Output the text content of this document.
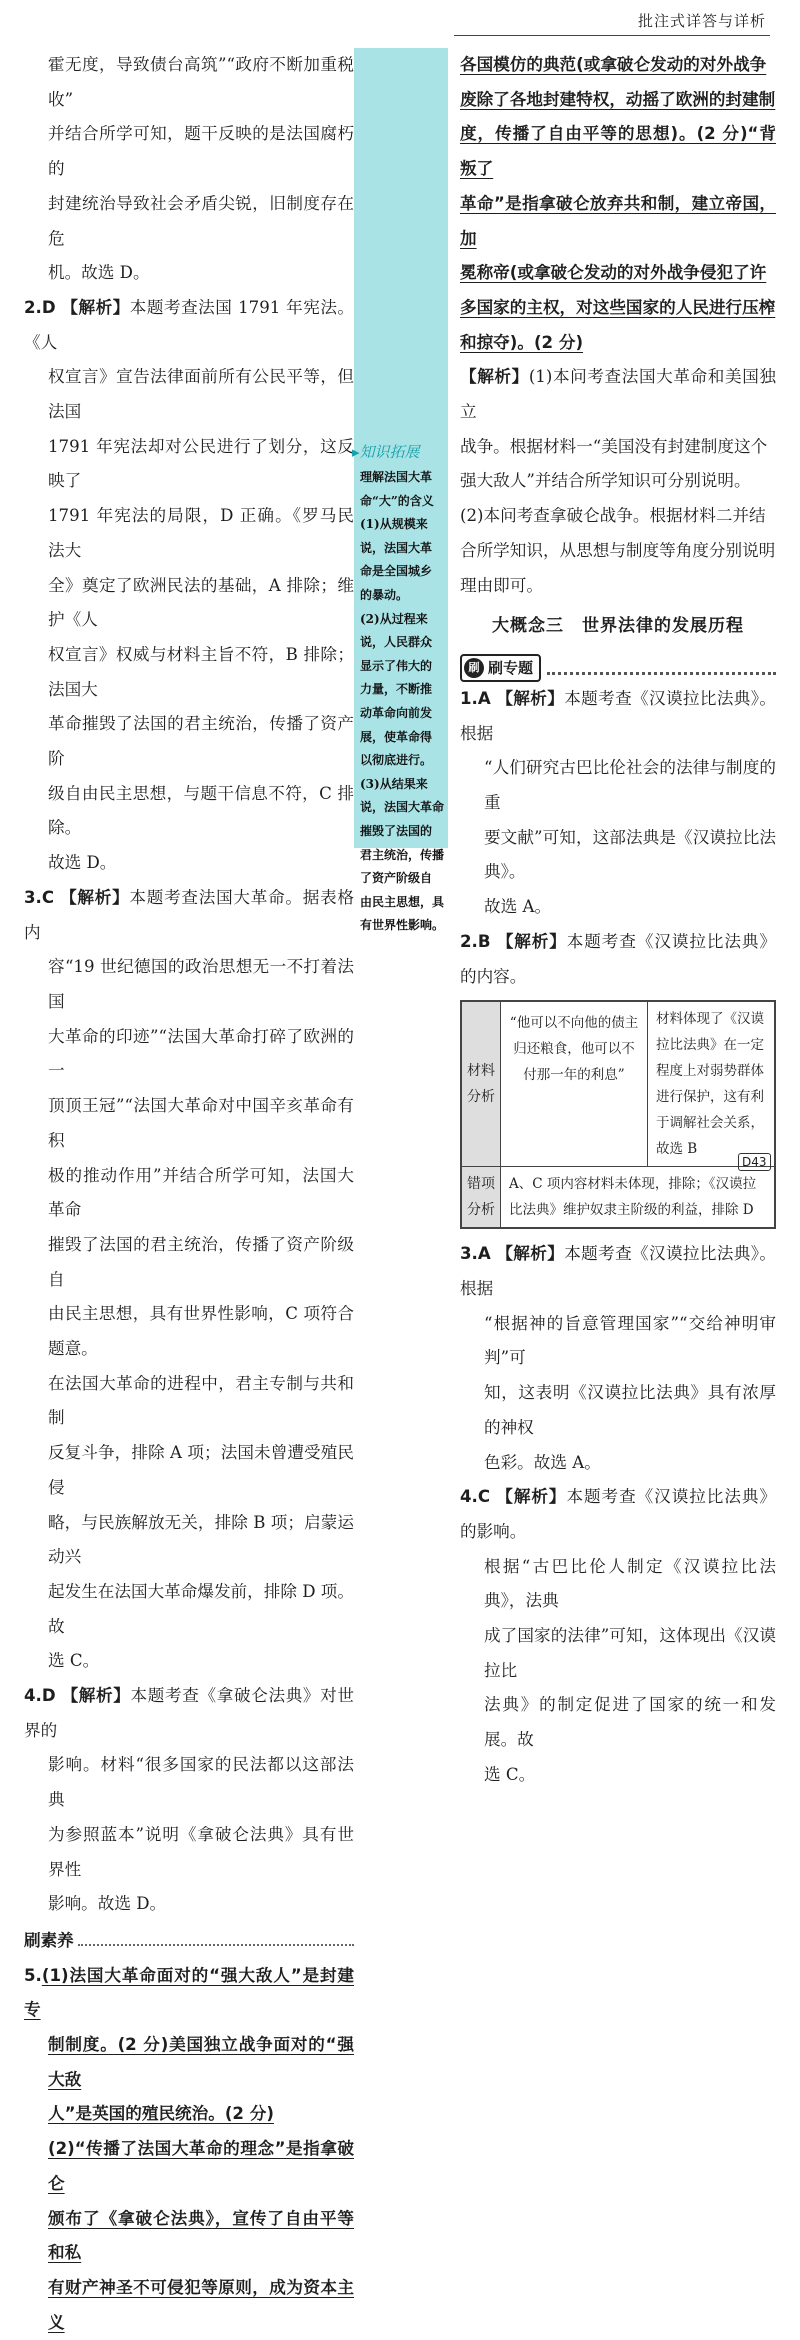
批注式详答与详析

霍无度，导致债台高筑”“政府不断加重税收”

并结合所学可知，题干反映的是法国腐朽的

封建统治导致社会矛盾尖锐，旧制度存在危

机。故选 D。

2.D 【解析】本题考查法国 1791 年宪法。《人

权宣言》宣告法律面前所有公民平等，但法国

1791 年宪法却对公民进行了划分，这反映了

1791 年宪法的局限，D 正确。《罗马民法大

全》奠定了欧洲民法的基础，A 排除；维护《人

权宣言》权威与材料主旨不符，B 排除；法国大

革命摧毁了法国的君主统治，传播了资产阶

级自由民主思想，与题干信息不符，C 排除。

故选 D。

3.C 【解析】本题考查法国大革命。据表格内

容“19 世纪德国的政治思想无一不打着法国

大革命的印迹”“法国大革命打碎了欧洲的一

顶顶王冠”“法国大革命对中国辛亥革命有积

极的推动作用”并结合所学可知，法国大革命

摧毁了法国的君主统治，传播了资产阶级自

由民主思想，具有世界性影响，C 项符合题意。

在法国大革命的进程中，君主专制与共和制

反复斗争，排除 A 项；法国未曾遭受殖民侵

略，与民族解放无关，排除 B 项；启蒙运动兴

起发生在法国大革命爆发前，排除 D 项。故

选 C。

4.D 【解析】本题考查《拿破仑法典》对世界的

影响。材料“很多国家的民法都以这部法典

为参照蓝本”说明《拿破仑法典》具有世界性

影响。故选 D。

刷素养

5.(1)法国大革命面对的“强大敌人”是封建专

制制度。(2 分)美国独立战争面对的“强大敌

人”是英国的殖民统治。(2 分)

(2)“传播了法国大革命的理念”是指拿破仑

颁布了《拿破仑法典》，宣传了自由平等和私

有财产神圣不可侵犯等原则，成为资本主义

▸知识拓展

理解法国大革

命“大”的含义

(1)从规模来

说，法国大革

命是全国城乡

的暴动。

(2)从过程来

说，人民群众

显示了伟大的

力量，不断推

动革命向前发

展，使革命得

以彻底进行。

(3)从结果来

说，法国大革命

摧毁了法国的

君主统治，传播

了资产阶级自

由民主思想，具

有世界性影响。

各国模仿的典范(或拿破仑发动的对外战争

废除了各地封建特权，动摇了欧洲的封建制

度，传播了自由平等的思想)。(2 分)“背叛了

革命”是指拿破仑放弃共和制，建立帝国，加

冕称帝(或拿破仑发动的对外战争侵犯了许

多国家的主权，对这些国家的人民进行压榨

和掠夺)。(2 分)

【解析】(1)本问考查法国大革命和美国独立

战争。根据材料一“美国没有封建制度这个

强大敌人”并结合所学知识可分别说明。

(2)本问考查拿破仑战争。根据材料二并结

合所学知识，从思想与制度等角度分别说明

理由即可。

大概念三　世界法律的发展历程
刷 刷专题

1.A 【解析】本题考查《汉谟拉比法典》。根据

“人们研究古巴比伦社会的法律与制度的重

要文献”可知，这部法典是《汉谟拉比法典》。

故选 A。

2.B 【解析】本题考查《汉谟拉比法典》的内容。

材料分析
“他可以不向他的债主归还粮食，他可以不付那一年的利息”
材料体现了《汉谟拉比法典》在一定程度上对弱势群体进行保护，这有利于调解社会关系，故选 B
错项分析
A、C 项内容材料未体现，排除；《汉谟拉比法典》维护奴隶主阶级的利益，排除 D

3.A 【解析】本题考查《汉谟拉比法典》。根据

“根据神的旨意管理国家”“交给神明审判”可

知，这表明《汉谟拉比法典》具有浓厚的神权

色彩。故选 A。

4.C 【解析】本题考查《汉谟拉比法典》的影响。

根据“古巴比伦人制定《汉谟拉比法典》，法典

成了国家的法律”可知，这体现出《汉谟拉比

法典》的制定促进了国家的统一和发展。故

选 C。

D43
